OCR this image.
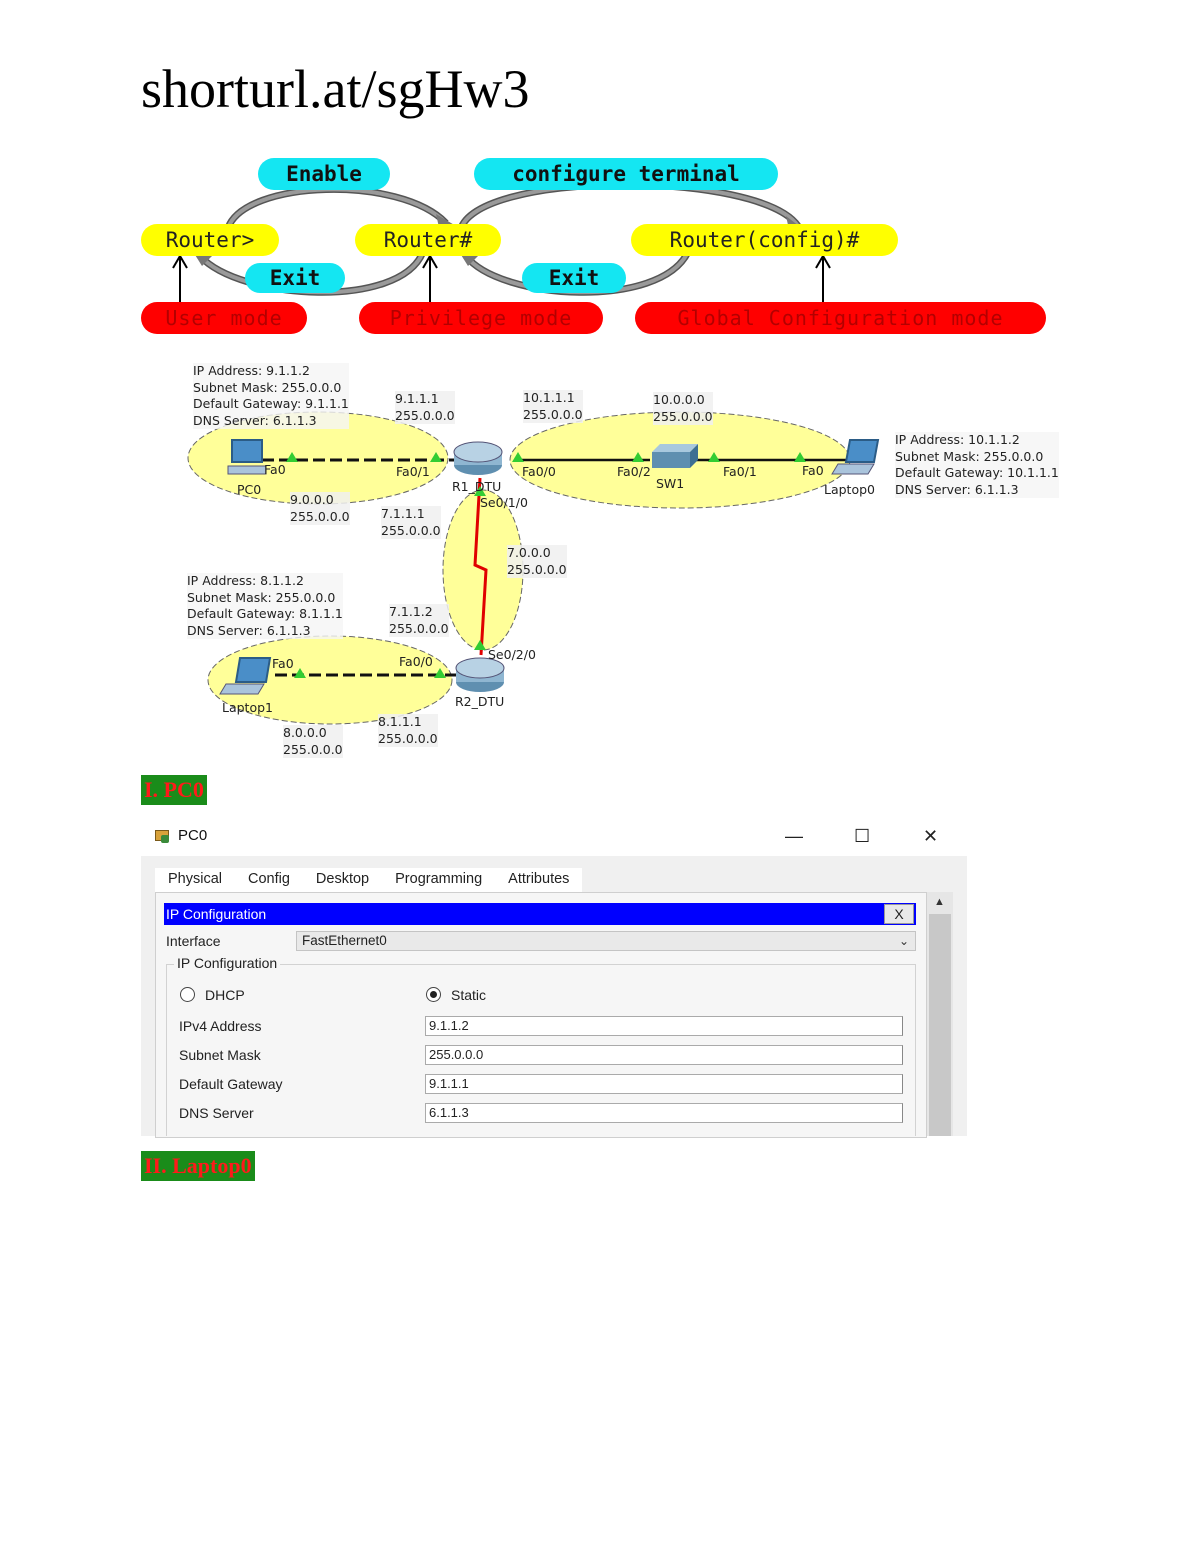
shorturl.at/sgHw3
Enable	configure terminal
Router>	Router#	Router(config)#
Exit	Exit
User mode	Privilege mode	Global Configuration mode
IP Address: 9.1.1.2
Subnet Mask: 255.0.0.0
Default Gateway: 9.1.1.1
DNS Server: 6.1.1.3
IP Address: 10.1.1.2
Subnet Mask: 255.0.0.0
Default Gateway: 10.1.1.1
DNS Server: 6.1.1.3
IP Address: 8.1.1.2
Subnet Mask: 255.0.0.0
Default Gateway: 8.1.1.1
DNS Server: 6.1.1.3
9.1.1.1
255.0.0.0
10.1.1.1
255.0.0.0
10.0.0.0
255.0.0.0
9.0.0.0
255.0.0.0	7.1.1.1
255.0.0.0
7.0.0.0
255.0.0.0
7.1.1.2
255.0.0.0
8.1.1.1
255.0.0.0
8.0.0.0
255.0.0.0
PC0
Fa0	Fa0/1
R1_DTU
Fa0/0
Se0/1/0
Fa0/2
SW1
Fa0/1	Fa0
Laptop0
Fa0	Fa0/0
Laptop1
Se0/2/0
R2_DTU
I. PC0
PC0	—	☐	✕
Physical	Config	Desktop	Programming	Attributes
▲
IP Configuration	X
Interface	FastEthernet0	⌄
IP Configuration
DHCP	Static
IPv4 Address	9.1.1.2
Subnet Mask	255.0.0.0
Default Gateway	9.1.1.1
DNS Server	6.1.1.3
II. Laptop0
